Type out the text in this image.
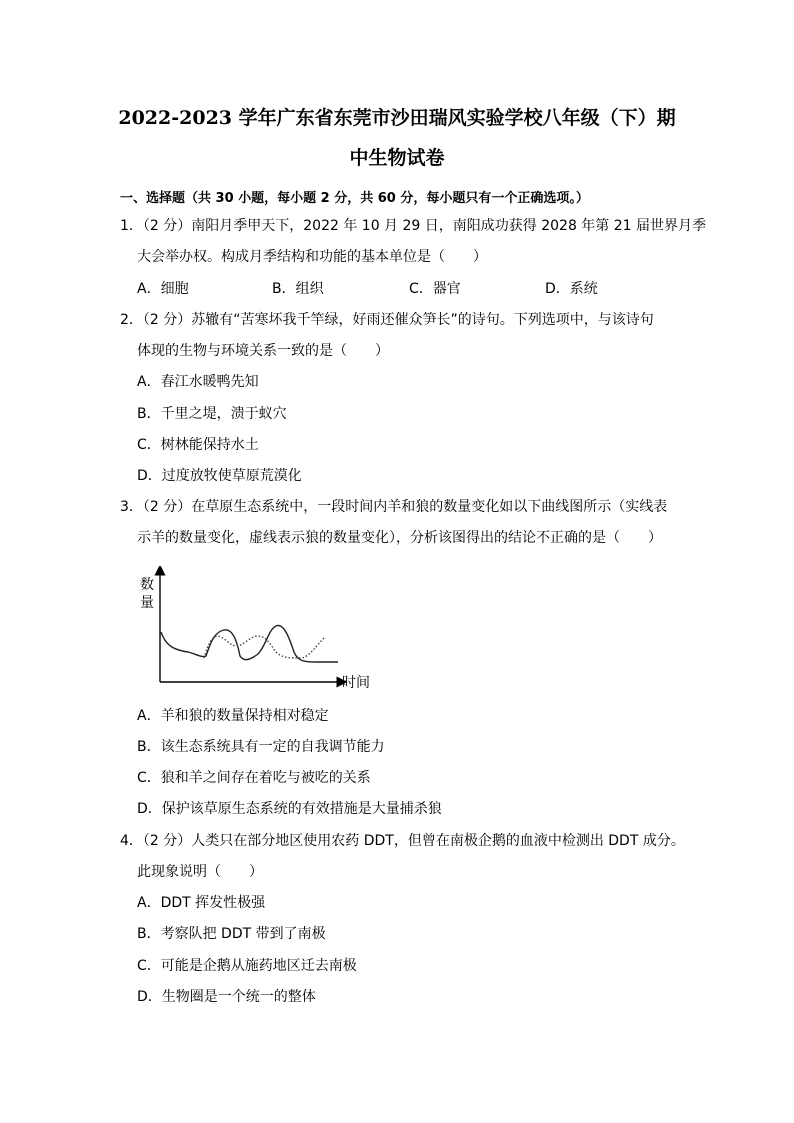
2022-2023 学年广东省东莞市沙田瑞风实验学校八年级（下）期
中生物试卷
一、选择题（共 30 小题，每小题 2 分，共 60 分，每小题只有一个正确选项。）
1．（2 分）南阳月季甲天下，2022 年 10 月 29 日，南阳成功获得 2028 年第 21 届世界月季
大会举办权。构成月季结构和功能的基本单位是（　　）
A．细胞	B．组织	C．器官	D．系统
2．（2 分）苏辙有“苦寒坏我千竿绿，好雨还催众笋长”的诗句。下列选项中，与该诗句
体现的生物与环境关系一致的是（　　）
A．春江水暖鸭先知
B．千里之堤，溃于蚁穴
C．树林能保持水土
D．过度放牧使草原荒漠化
3．（2 分）在草原生态系统中，一段时间内羊和狼的数量变化如以下曲线图所示（实线表
示羊的数量变化，虚线表示狼的数量变化），分析该图得出的结论不正确的是（　　）
数
量
时间
A．羊和狼的数量保持相对稳定
B．该生态系统具有一定的自我调节能力
C．狼和羊之间存在着吃与被吃的关系
D．保护该草原生态系统的有效措施是大量捕杀狼
4．（2 分）人类只在部分地区使用农药 DDT，但曾在南极企鹅的血液中检测出 DDT 成分。
此现象说明（　　）
A．DDT 挥发性极强
B．考察队把 DDT 带到了南极
C．可能是企鹅从施药地区迁去南极
D．生物圈是一个统一的整体
